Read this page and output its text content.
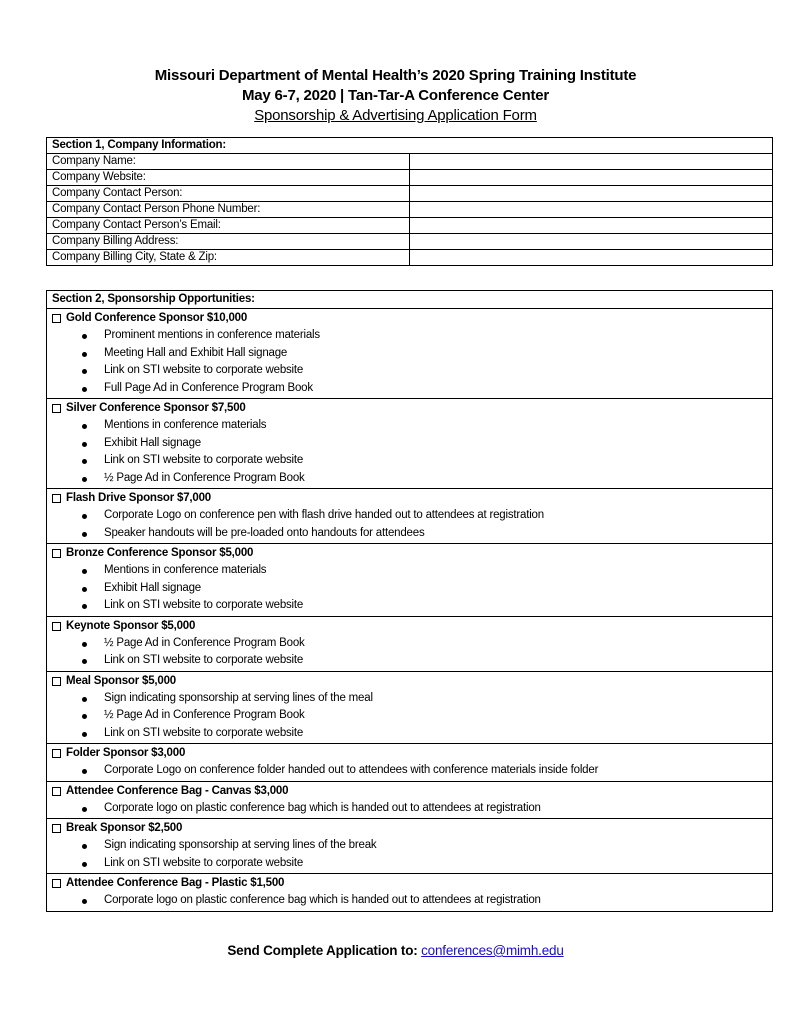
Missouri Department of Mental Health’s 2020 Spring Training Institute
May 6-7, 2020 | Tan-Tar-A Conference Center
Sponsorship & Advertising Application Form
Section 1, Company Information:	
Company Name:	
Company Website:	
Company Contact Person:	
Company Contact Person Phone Number:	
Company Contact Person’s Email:	
Company Billing Address:	
Company Billing City, State & Zip:	
Section 2, Sponsorship Opportunities:

Gold Conference Sponsor $10,000
Prominent mentions in conference materials
Meeting Hall and Exhibit Hall signage
Link on STI website to corporate website
Full Page Ad in Conference Program Book

Silver Conference Sponsor $7,500
Mentions in conference materials
Exhibit Hall signage
Link on STI website to corporate website
½ Page Ad in Conference Program Book

Flash Drive Sponsor $7,000
Corporate Logo on conference pen with flash drive handed out to attendees at registration
Speaker handouts will be pre-loaded onto handouts for attendees

Bronze Conference Sponsor $5,000
Mentions in conference materials
Exhibit Hall signage
Link on STI website to corporate website

Keynote Sponsor $5,000
½ Page Ad in Conference Program Book
Link on STI website to corporate website

Meal Sponsor $5,000
Sign indicating sponsorship at serving lines of the meal
½ Page Ad in Conference Program Book
Link on STI website to corporate website

Folder Sponsor $3,000
Corporate Logo on conference folder handed out to attendees with conference materials inside folder

Attendee Conference Bag - Canvas $3,000
Corporate logo on plastic conference bag which is handed out to attendees at registration

Break Sponsor $2,500
Sign indicating sponsorship at serving lines of the break
Link on STI website to corporate website

Attendee Conference Bag - Plastic $1,500
Corporate logo on plastic conference bag which is handed out to attendees at registration
Send Complete Application to: conferences@mimh.edu
